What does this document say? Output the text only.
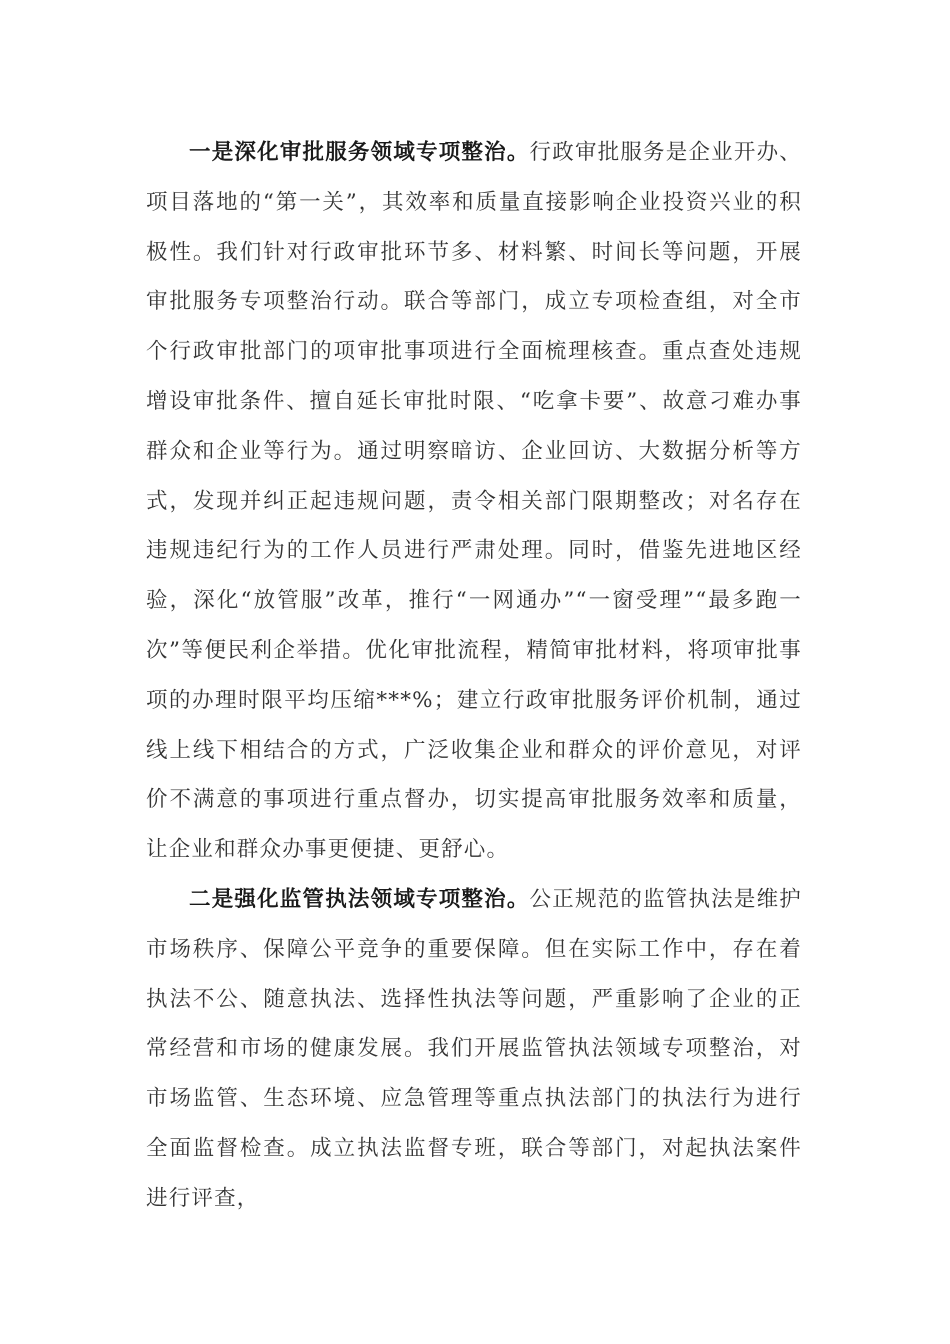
一是深化审批服务领域专项整治。行政审批服务是企业开办、项目落地的“第一关”，其效率和质量直接影响企业投资兴业的积极性。我们针对行政审批环节多、材料繁、时间长等问题，开展审批服务专项整治行动。联合等部门，成立专项检查组，对全市个行政审批部门的项审批事项进行全面梳理核查。重点查处违规增设审批条件、擅自延长审批时限、“吃拿卡要”、故意刁难办事群众和企业等行为。通过明察暗访、企业回访、大数据分析等方式，发现并纠正起违规问题，责令相关部门限期整改；对名存在违规违纪行为的工作人员进行严肃处理。同时，借鉴先进地区经验，深化“放管服”改革，推行“一网通办”“一窗受理”“最多跑一次”等便民利企举措。优化审批流程，精简审批材料，将项审批事项的办理时限平均压缩***%；建立行政审批服务评价机制，通过线上线下相结合的方式，广泛收集企业和群众的评价意见，对评价不满意的事项进行重点督办，切实提高审批服务效率和质量，让企业和群众办事更便捷、更舒心。

二是强化监管执法领域专项整治。公正规范的监管执法是维护市场秩序、保障公平竞争的重要保障。但在实际工作中，存在着执法不公、随意执法、选择性执法等问题，严重影响了企业的正常经营和市场的健康发展。我们开展监管执法领域专项整治，对市场监管、生态环境、应急管理等重点执法部门的执法行为进行全面监督检查。成立执法监督专班，联合等部门，对起执法案件进行评查，
